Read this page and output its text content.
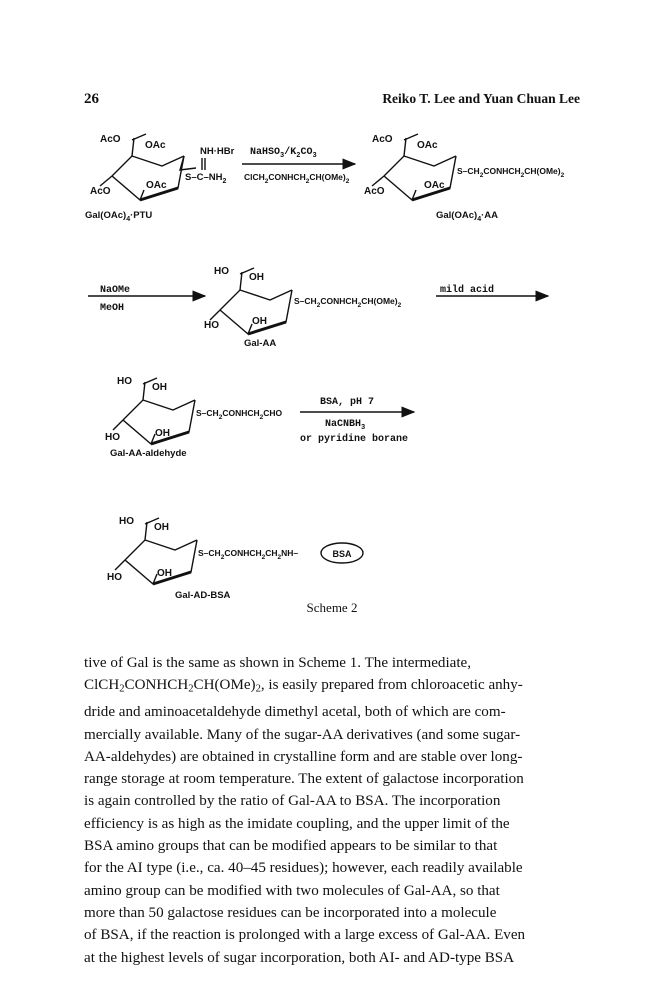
26	Reiko T. Lee and Yuan Chuan Lee
AcO
OAc
AcO
OAc
NH·HBr
$S-C-NH_2$
$Gal(OAc)_4\cdot PTU$
$NaHSO_3/K_2CO_3$
$ClCH_2CONHCH_2CH(OMe)_2$
AcO
OAc
AcO
OAc
$S-CH_2CONHCH_2CH(OMe)_2$
$Gal(OAc)_4\cdot AA$
NaOMe
MeOH
HO
OH
HO	OH
$S-CH_2CONHCH_2CH(OMe)_2$
Gal-AA
mild acid
HO
OH
HO	OH
$S-CH_2CONHCH_2CHO$
Gal-AA-aldehyde
BSA, pH 7
NaCNBH$_3$
or pyridine borane
HO
OH
HO	OH
$S-CH_2CONHCH_2CH_2NH-$	BSA
Gal-AD-BSA
Scheme 2

tive of Gal is the same as shown in Scheme 1. The intermediate,
$ClCH_2CONHCH_2CH(OMe)_2$, is easily prepared from chloroacetic anhy-
dride and aminoacetaldehyde dimethyl acetal, both of which are com-
mercially available. Many of the sugar-AA derivatives (and some sugar-
AA-aldehydes) are obtained in crystalline form and are stable over long-
range storage at room temperature. The extent of galactose incorporation
is again controlled by the ratio of Gal-AA to BSA. The incorporation
efficiency is as high as the imidate coupling, and the upper limit of the
BSA amino groups that can be modified appears to be similar to that
for the AI type (i.e., ca. 40–45 residues); however, each readily available
amino group can be modified with two molecules of Gal-AA, so that
more than 50 galactose residues can be incorporated into a molecule
of BSA, if the reaction is prolonged with a large excess of Gal-AA. Even
at the highest levels of sugar incorporation, both AI- and AD-type BSA
